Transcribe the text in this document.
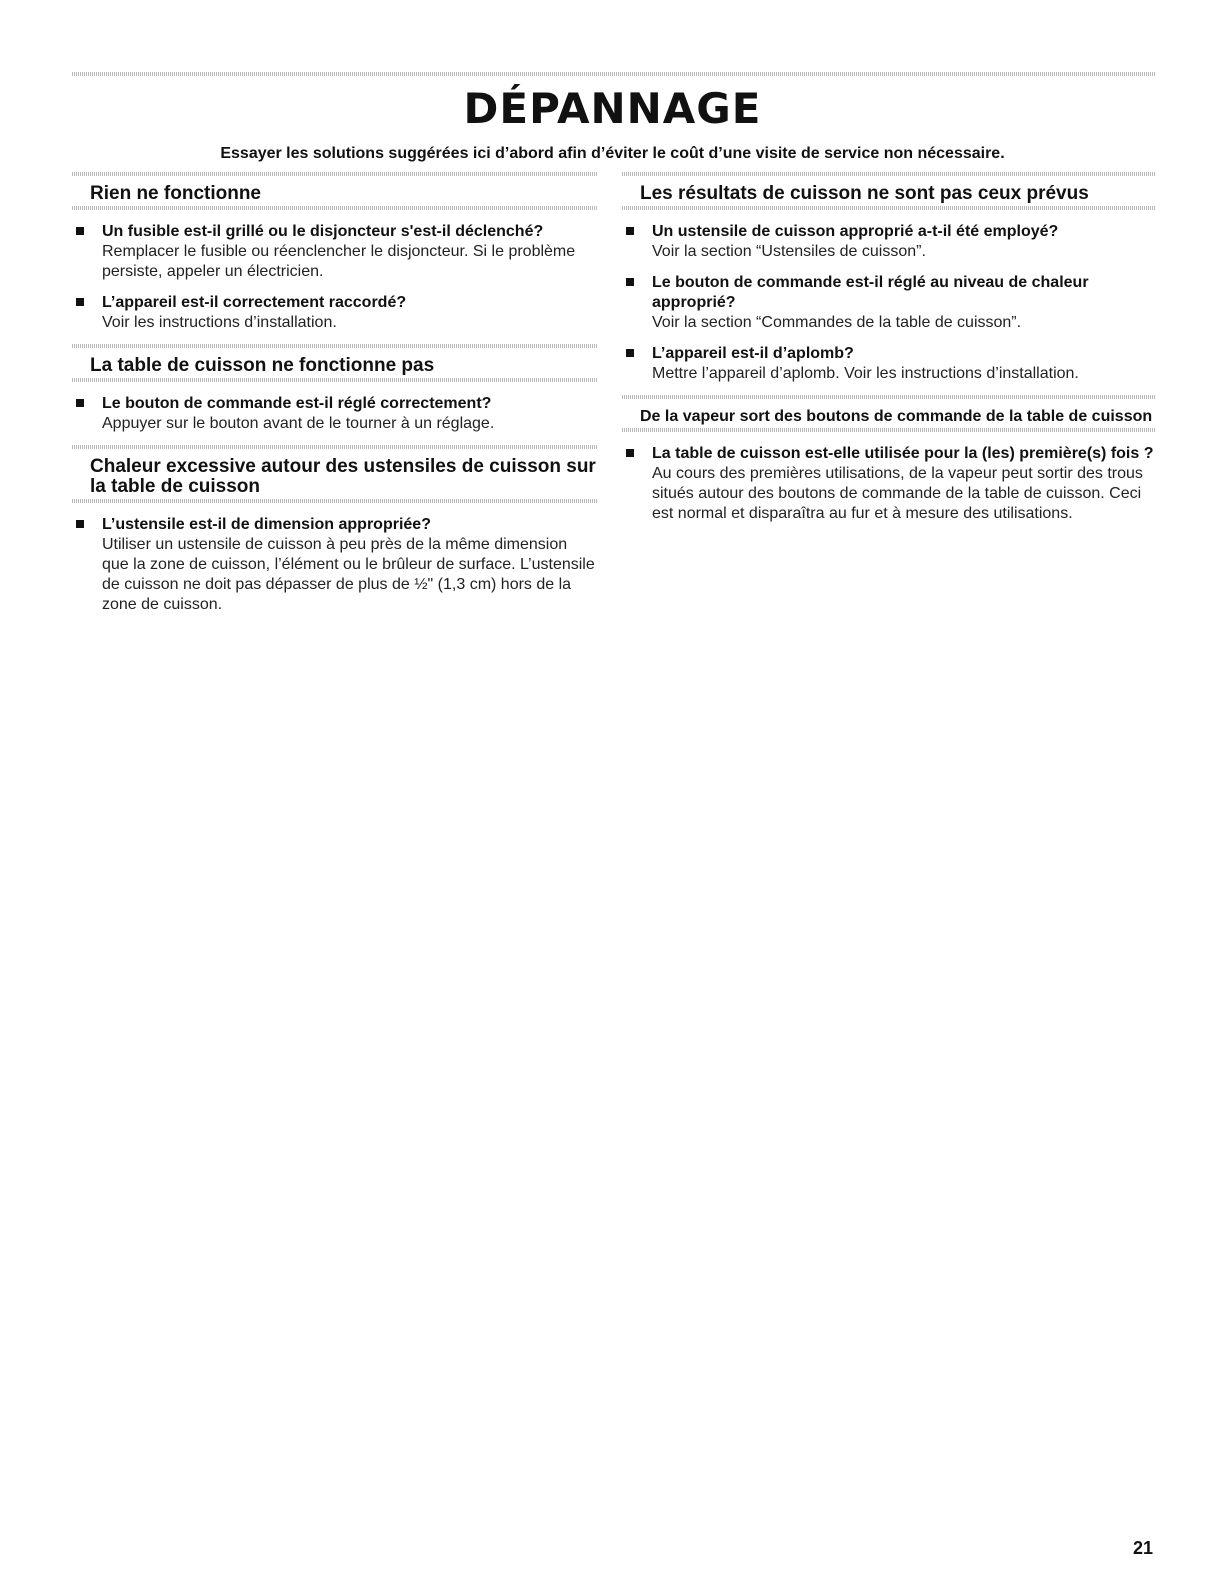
DÉPANNAGE
Essayer les solutions suggérées ici d’abord afin d’éviter le coût d’une visite de service non nécessaire.
Rien ne fonctionne
Un fusible est-il grillé ou le disjoncteur s'est-il déclenché?
Remplacer le fusible ou réenclencher le disjoncteur. Si le problème persiste, appeler un électricien.
L’appareil est-il correctement raccordé?
Voir les instructions d’installation.
La table de cuisson ne fonctionne pas
Le bouton de commande est-il réglé correctement?
Appuyer sur le bouton avant de le tourner à un réglage.
Chaleur excessive autour des ustensiles de cuisson sur la table de cuisson
L’ustensile est-il de dimension appropriée?
Utiliser un ustensile de cuisson à peu près de la même dimension que la zone de cuisson, l’élément ou le brûleur de surface. L’ustensile de cuisson ne doit pas dépasser de plus de ½" (1,3 cm) hors de la zone de cuisson.
Les résultats de cuisson ne sont pas ceux prévus
Un ustensile de cuisson approprié a-t-il été employé?
Voir la section “Ustensiles de cuisson”.
Le bouton de commande est-il réglé au niveau de chaleur approprié?
Voir la section “Commandes de la table de cuisson”.
L’appareil est-il d’aplomb?
Mettre l’appareil d’aplomb. Voir les instructions d’installation.
De la vapeur sort des boutons de commande de la table de cuisson
La table de cuisson est-elle utilisée pour la (les) première(s) fois ?
Au cours des premières utilisations, de la vapeur peut sortir des trous situés autour des boutons de commande de la table de cuisson. Ceci est normal et disparaîtra au fur et à mesure des utilisations.
21
